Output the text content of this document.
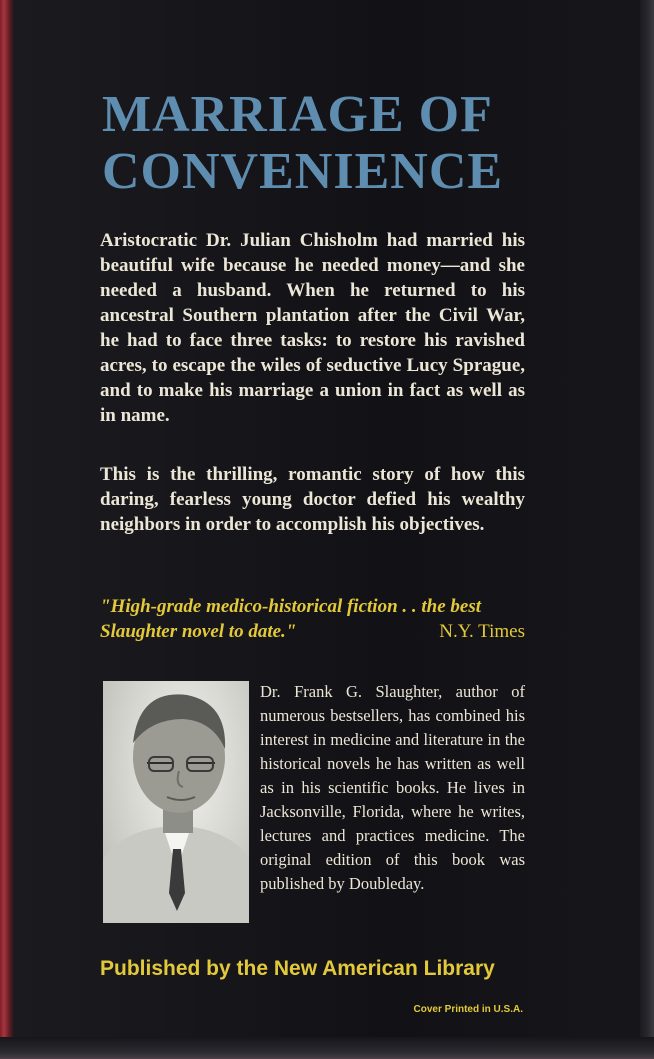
MARRIAGE OF
CONVENIENCE

Aristocratic Dr. Julian Chisholm had married his beautiful wife because he needed money—and she needed a husband. When he returned to his ancestral Southern plantation after the Civil War, he had to face three tasks: to restore his ravished acres, to escape the wiles of seductive Lucy Sprague, and to make his marriage a union in fact as well as in name.

This is the thrilling, romantic story of how this daring, fearless young doctor defied his wealthy neighbors in order to accomplish his objectives.

"High-grade medico-historical fiction . . the best Slaughter novel to date."	N.Y. Times

Dr. Frank G. Slaughter, author of numerous bestsellers, has combined his interest in medicine and literature in the historical novels he has written as well as in his scientific books. He lives in Jacksonville, Florida, where he writes, lectures and practices medicine. The original edition of this book was published by Doubleday.

Published by the New American Library

Cover Printed in U.S.A.
